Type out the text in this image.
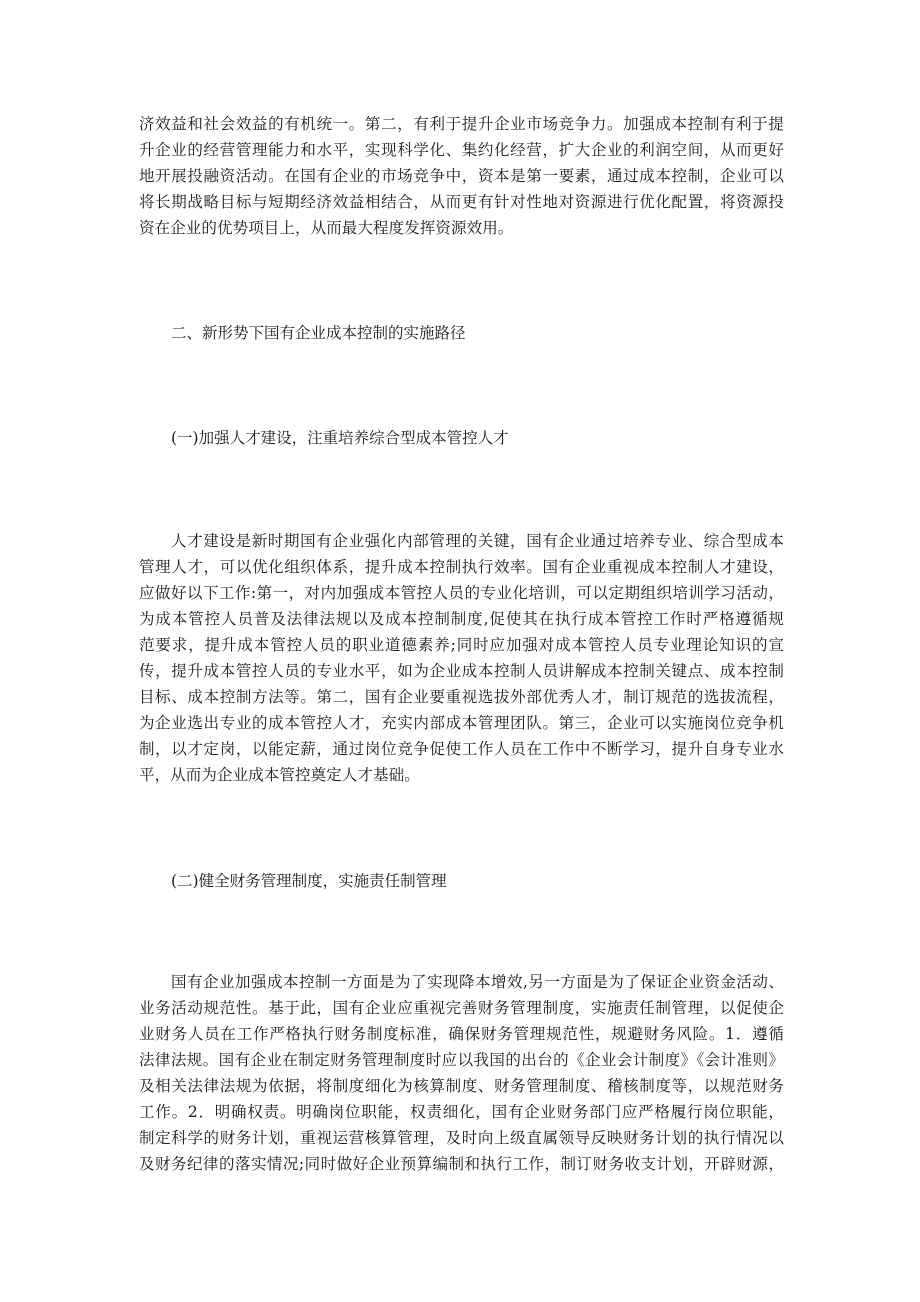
济效益和社会效益的有机统一。第二，有利于提升企业市场竞争力。加强成本控制有利于提
升企业的经营管理能力和水平，实现科学化、集约化经营，扩大企业的利润空间，从而更好
地开展投融资活动。在国有企业的市场竞争中，资本是第一要素，通过成本控制，企业可以
将长期战略目标与短期经济效益相结合，从而更有针对性地对资源进行优化配置，将资源投
资在企业的优势项目上，从而最大程度发挥资源效用。

二、新形势下国有企业成本控制的实施路径

(一)加强人才建设，注重培养综合型成本管控人才

人才建设是新时期国有企业强化内部管理的关键，国有企业通过培养专业、综合型成本
管理人才，可以优化组织体系，提升成本控制执行效率。国有企业重视成本控制人才建设，
应做好以下工作:第一，对内加强成本管控人员的专业化培训，可以定期组织培训学习活动，
为成本管控人员普及法律法规以及成本控制制度,促使其在执行成本管控工作时严格遵循规
范要求，提升成本管控人员的职业道德素养;同时应加强对成本管控人员专业理论知识的宣
传，提升成本管控人员的专业水平，如为企业成本控制人员讲解成本控制关键点、成本控制
目标、成本控制方法等。第二，国有企业要重视选拔外部优秀人才，制订规范的选拔流程，
为企业选出专业的成本管控人才，充实内部成本管理团队。第三，企业可以实施岗位竞争机
制，以才定岗，以能定薪，通过岗位竞争促使工作人员在工作中不断学习，提升自身专业水
平，从而为企业成本管控奠定人才基础。

(二)健全财务管理制度，实施责任制管理

国有企业加强成本控制一方面是为了实现降本增效,另一方面是为了保证企业资金活动、
业务活动规范性。基于此，国有企业应重视完善财务管理制度，实施责任制管理，以促使企
业财务人员在工作严格执行财务制度标准，确保财务管理规范性，规避财务风险。1．遵循
法律法规。国有企业在制定财务管理制度时应以我国的出台的《企业会计制度》《会计准则》
及相关法律法规为依据，将制度细化为核算制度、财务管理制度、稽核制度等，以规范财务
工作。2．明确权责。明确岗位职能，权责细化，国有企业财务部门应严格履行岗位职能，
制定科学的财务计划，重视运营核算管理，及时向上级直属领导反映财务计划的执行情况以
及财务纪律的落实情况;同时做好企业预算编制和执行工作，制订财务收支计划，开辟财源，
